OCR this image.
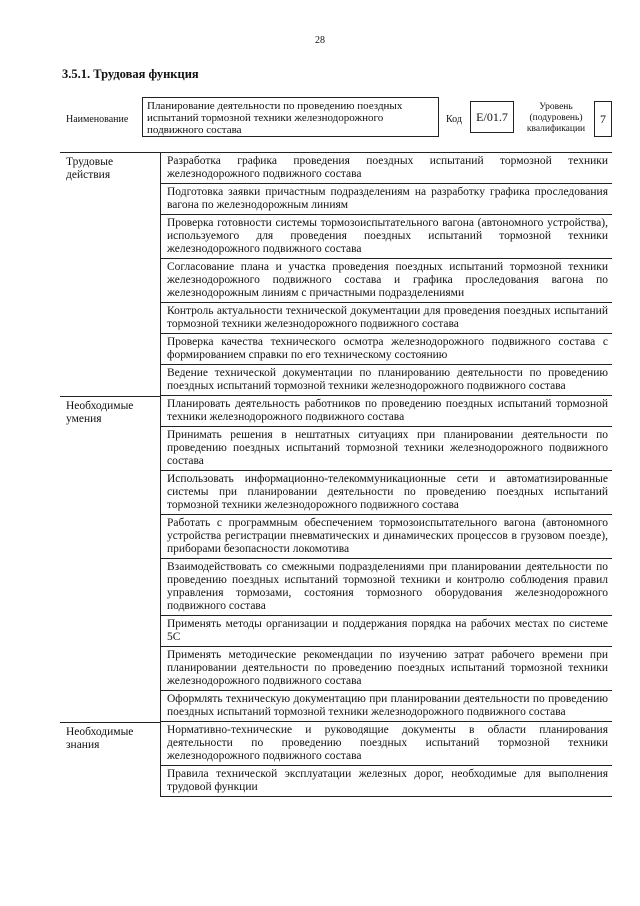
28
3.5.1. Трудовая функция
Наименование
Планирование деятельности по проведению поездных испытаний тормозной техники железнодорожного подвижного состава
Код	E/01.7
Уровень (подуровень) квалификации
7
Трудовые действия
Разработка графика проведения поездных испытаний тормозной техники железнодорожного подвижного состава
Подготовка заявки причастным подразделениям на разработку графика проследования вагона по железнодорожным линиям
Проверка готовности системы тормозоиспытательного вагона (автономного устройства), используемого для проведения поездных испытаний тормозной техники железнодорожного подвижного состава
Согласование плана и участка проведения поездных испытаний тормозной техники железнодорожного подвижного состава и графика проследования вагона по железнодорожным линиям с причастными подразделениями
Контроль актуальности технической документации для проведения поездных испытаний тормозной техники железнодорожного подвижного состава
Проверка качества технического осмотра железнодорожного подвижного состава с формированием справки по его техническому состоянию
Ведение технической документации по планированию деятельности по проведению поездных испытаний тормозной техники железнодорожного подвижного состава
Необходимые умения
Планировать деятельность работников по проведению поездных испытаний тормозной техники железнодорожного подвижного состава
Принимать решения в нештатных ситуациях при планировании деятельности по проведению поездных испытаний тормозной техники железнодорожного подвижного состава
Использовать информационно-телекоммуникационные сети и автоматизированные системы при планировании деятельности по проведению поездных испытаний тормозной техники железнодорожного подвижного состава
Работать с программным обеспечением тормозоиспытательного вагона (автономного устройства регистрации пневматических и динамических процессов в грузовом поезде), приборами безопасности локомотива
Взаимодействовать со смежными подразделениями при планировании деятельности по проведению поездных испытаний тормозной техники и контролю соблюдения правил управления тормозами, состояния тормозного оборудования железнодорожного подвижного состава
Применять методы организации и поддержания порядка на рабочих местах по системе 5С
Применять методические рекомендации по изучению затрат рабочего времени при планировании деятельности по проведению поездных испытаний тормозной техники железнодорожного подвижного состава
Оформлять техническую документацию при планировании деятельности по проведению поездных испытаний тормозной техники железнодорожного подвижного состава
Необходимые знания
Нормативно-технические и руководящие документы в области планирования деятельности по проведению поездных испытаний тормозной техники железнодорожного подвижного состава
Правила технической эксплуатации железных дорог, необходимые для выполнения трудовой функции
